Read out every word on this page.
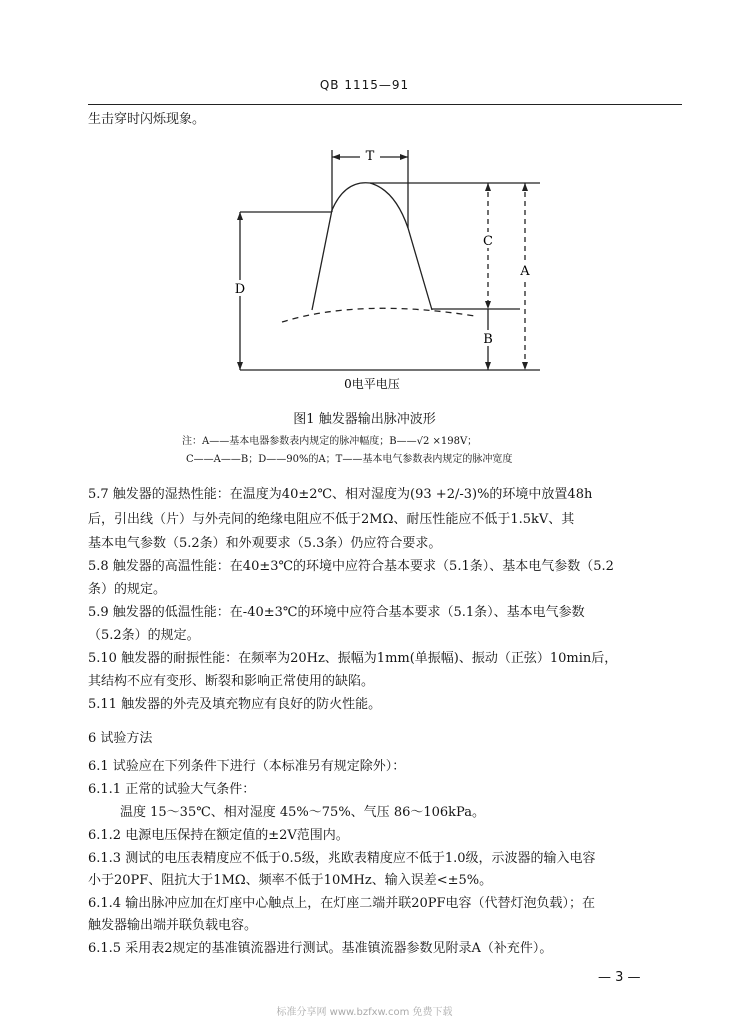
QB 1115—91
生击穿时闪烁现象。
T
C
A
D
B
0电平电压
图1 触发器输出脉冲波形
注：A——基本电器参数表内规定的脉冲幅度；B——√2 ×198V；
C——A——B；D——90%的A；T——基本电气参数表内规定的脉冲宽度
5.7 触发器的湿热性能：在温度为40±2℃、相对湿度为(93 +2/-3)%的环境中放置48h
后，引出线（片）与外壳间的绝缘电阻应不低于2MΩ、耐压性能应不低于1.5kV、其
基本电气参数（5.2条）和外观要求（5.3条）仍应符合要求。
5.8 触发器的高温性能：在40±3℃的环境中应符合基本要求（5.1条）、基本电气参数（5.2
条）的规定。
5.9 触发器的低温性能：在-40±3℃的环境中应符合基本要求（5.1条）、基本电气参数
（5.2条）的规定。
5.10 触发器的耐振性能：在频率为20Hz、振幅为1mm(单振幅)、振动（正弦）10min后，
其结构不应有变形、断裂和影响正常使用的缺陷。
5.11 触发器的外壳及填充物应有良好的防火性能。
6 试验方法
6.1 试验应在下列条件下进行（本标准另有规定除外）：
6.1.1 正常的试验大气条件：
温度 15～35℃、相对湿度 45%～75%、气压 86～106kPa。
6.1.2 电源电压保持在额定值的±2V范围内。
6.1.3 测试的电压表精度应不低于0.5级，兆欧表精度应不低于1.0级，示波器的输入电容
小于20PF、阻抗大于1MΩ、频率不低于10MHz、输入误差<±5%。
6.1.4 输出脉冲应加在灯座中心触点上，在灯座二端并联20PF电容（代替灯泡负载）；在
触发器输出端并联负载电容。
6.1.5 采用表2规定的基准镇流器进行测试。基准镇流器参数见附录A（补充件）。
— 3 —
标准分享网 www.bzfxw.com 免费下载
